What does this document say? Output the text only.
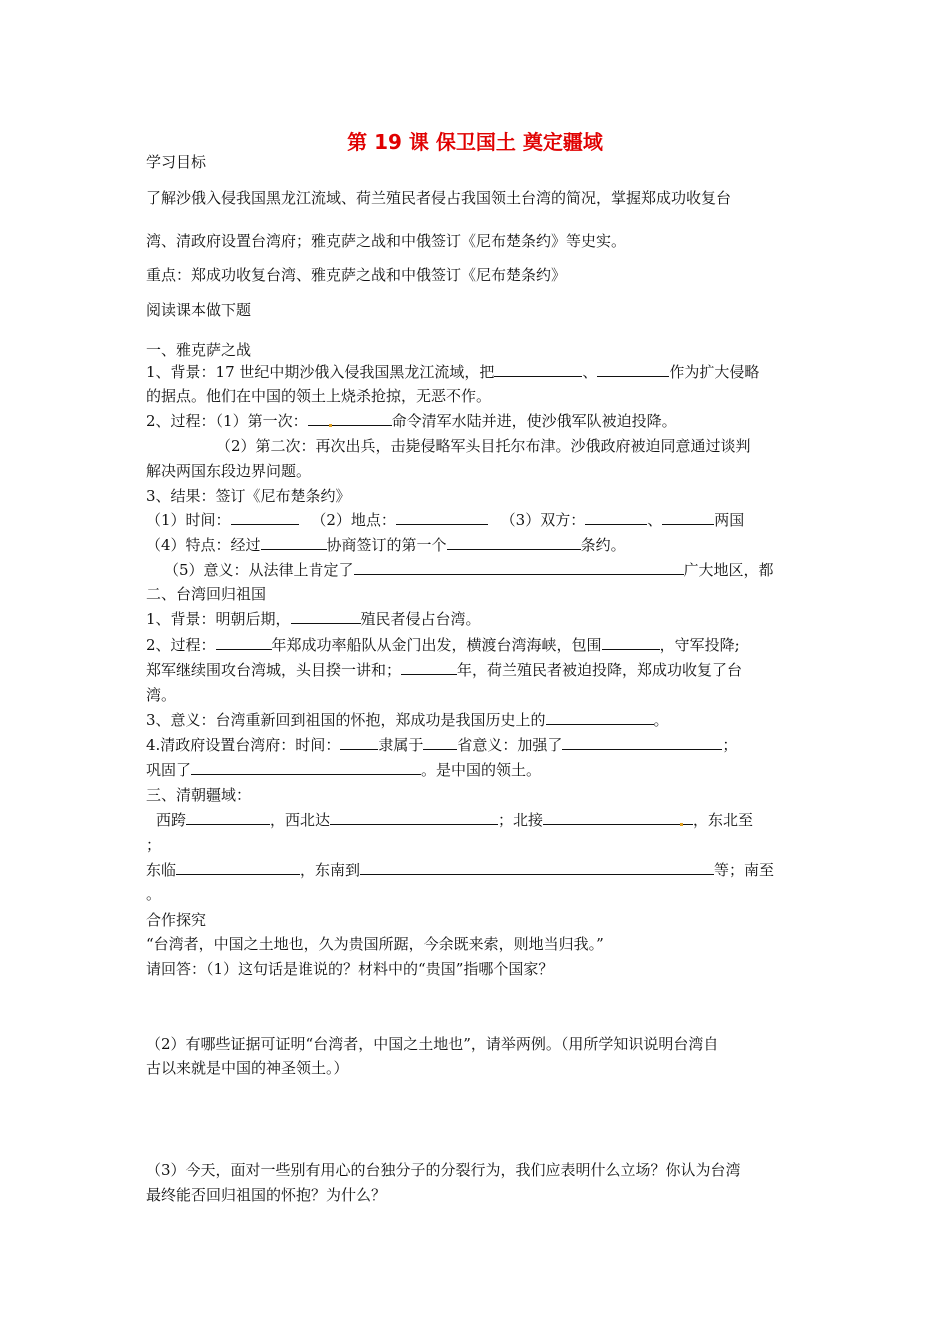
第 19 课 保卫国土 奠定疆域
学习目标
了解沙俄入侵我国黑龙江流域、荷兰殖民者侵占我国领土台湾的简况，掌握郑成功收复台
湾、清政府设置台湾府；雅克萨之战和中俄签订《尼布楚条约》等史实。
重点：郑成功收复台湾、雅克萨之战和中俄签订《尼布楚条约》
阅读课本做下题
一、雅克萨之战
1、背景：17 世纪中期沙俄入侵我国黑龙江流域，把	、	作为扩大侵略
的据点。他们在中国的领土上烧杀抢掠，无恶不作。
2、过程：（1）第一次：	命令清军水陆并进，使沙俄军队被迫投降。
（2）第二次：再次出兵，击毙侵略军头目托尔布津。沙俄政府被迫同意通过谈判
解决两国东段边界问题。
3、结果：签订《尼布楚条约》
（1）时间：	（2）地点：	（3）双方：	、	两国
（4）特点：经过	协商签订的第一个	条约。
（5）意义：从法律上肯定了	广大地区，都
二、台湾回归祖国
1、背景：明朝后期，	殖民者侵占台湾。
2、过程：	年郑成功率船队从金门出发，横渡台湾海峡，包围	，守军投降;
郑军继续围攻台湾城，头目揆一讲和；	年，荷兰殖民者被迫投降，郑成功收复了台
湾。
3、意义：台湾重新回到祖国的怀抱，郑成功是我国历史上的	。
4.清政府设置台湾府：时间：	隶属于 省意义：加强了	；
巩固了	。是中国的领土。
三、清朝疆域：
西跨	，西北达	；北接	，东北至
；
东临	，东南到	等；南至
。
合作探究
“台湾者，中国之土地也，久为贵国所踞，今余既来索，则地当归我。”
请回答：（1）这句话是谁说的？材料中的“贵国”指哪个国家？
（2）有哪些证据可证明“台湾者，中国之土地也”，请举两例。（用所学知识说明台湾自
古以来就是中国的神圣领土。）
（3）今天，面对一些别有用心的台独分子的分裂行为，我们应表明什么立场？你认为台湾
最终能否回归祖国的怀抱？为什么？
